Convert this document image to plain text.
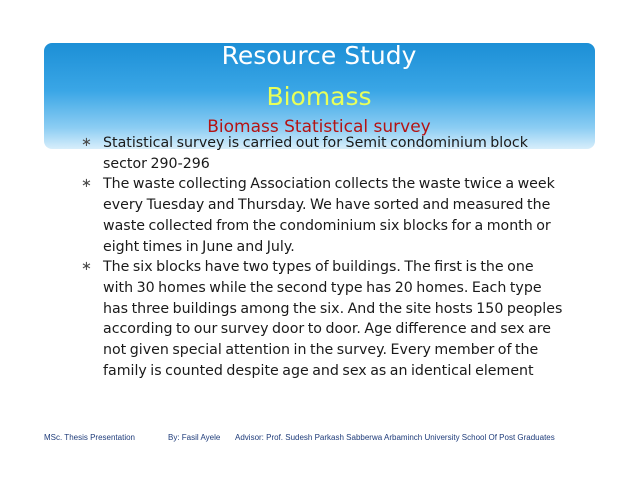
Resource Study
Biomass
Biomass Statistical survey
∗ Statistical survey is carried out for Semit condominium block sector 290-296
∗ The waste collecting Association collects the waste twice a week every Tuesday and Thursday. We have sorted and measured the waste collected from the condominium six blocks for a month or eight times in June and July.
∗ The six blocks have two types of buildings. The first is the one with 30 homes while the second type has 20 homes. Each type has three buildings among the six. And the site hosts 150 peoples according to our survey door to door. Age difference and sex are not given special attention in the survey. Every member of the family is counted despite age and sex as an identical element
MSc. Thesis Presentation	By: Fasil Ayele Advisor: Prof. Sudesh Parkash Sabberwa Arbaminch University School Of Post Graduates
